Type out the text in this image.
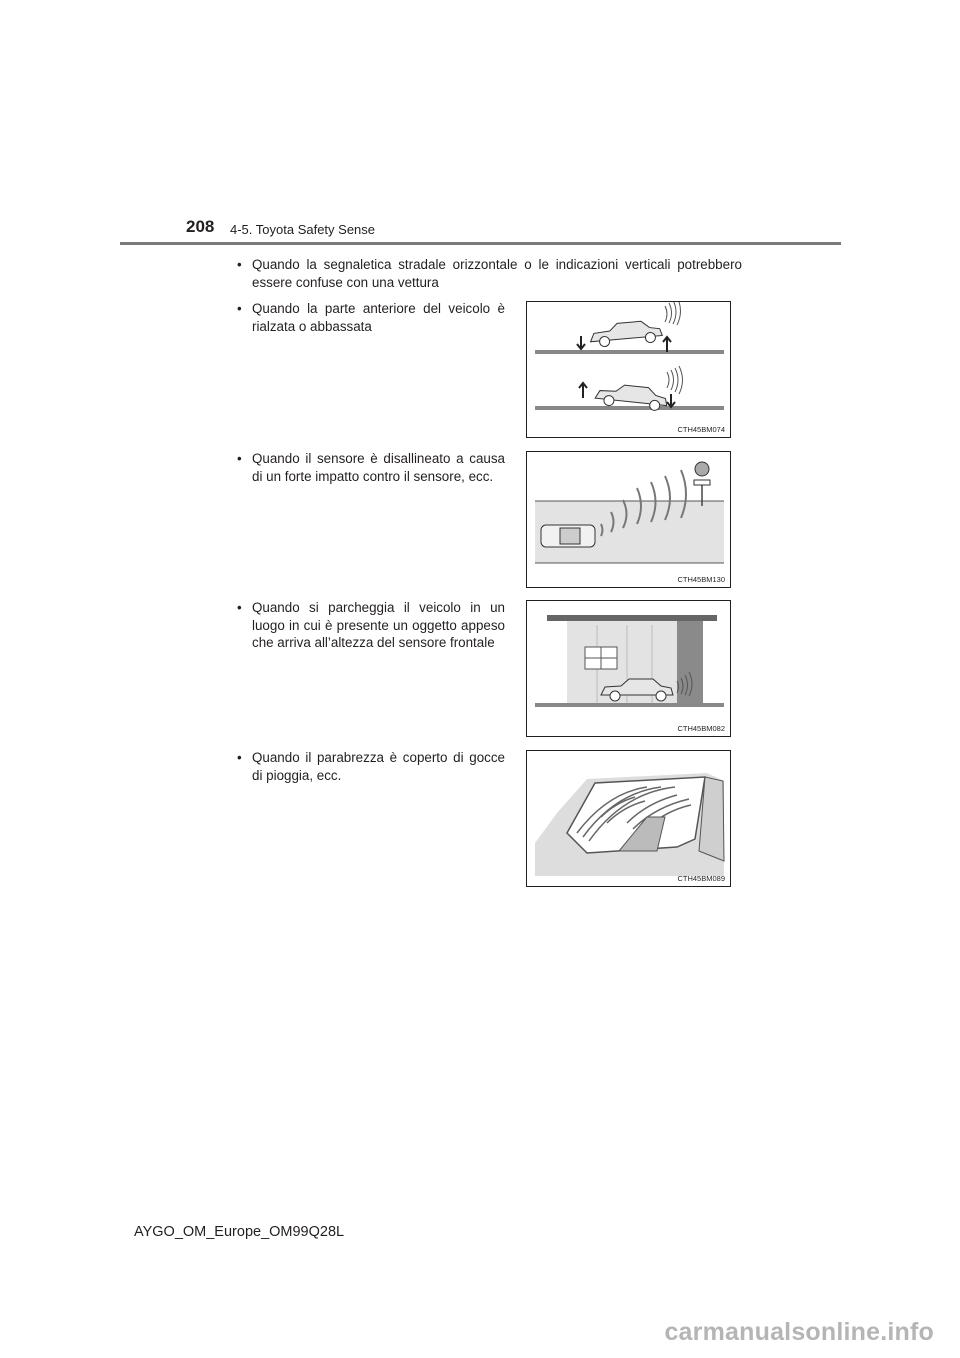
208 4-5. Toyota Safety Sense
• Quando la segnaletica stradale orizzontale o le indicazioni verticali potrebbero essere confuse con una vettura
• Quando la parte anteriore del veicolo è rialzata o abbassata
• Quando il sensore è disallineato a causa di un forte impatto contro il sensore, ecc.
• Quando si parcheggia il veicolo in un luogo in cui è presente un oggetto appeso che arriva all’altezza del sensore frontale
• Quando il parabrezza è coperto di gocce di pioggia, ecc.
CTH45BM074
CTH45BM130
CTH45BM082
CTH45BM089
AYGO_OM_Europe_OM99Q28L
carmanualsonline.info
